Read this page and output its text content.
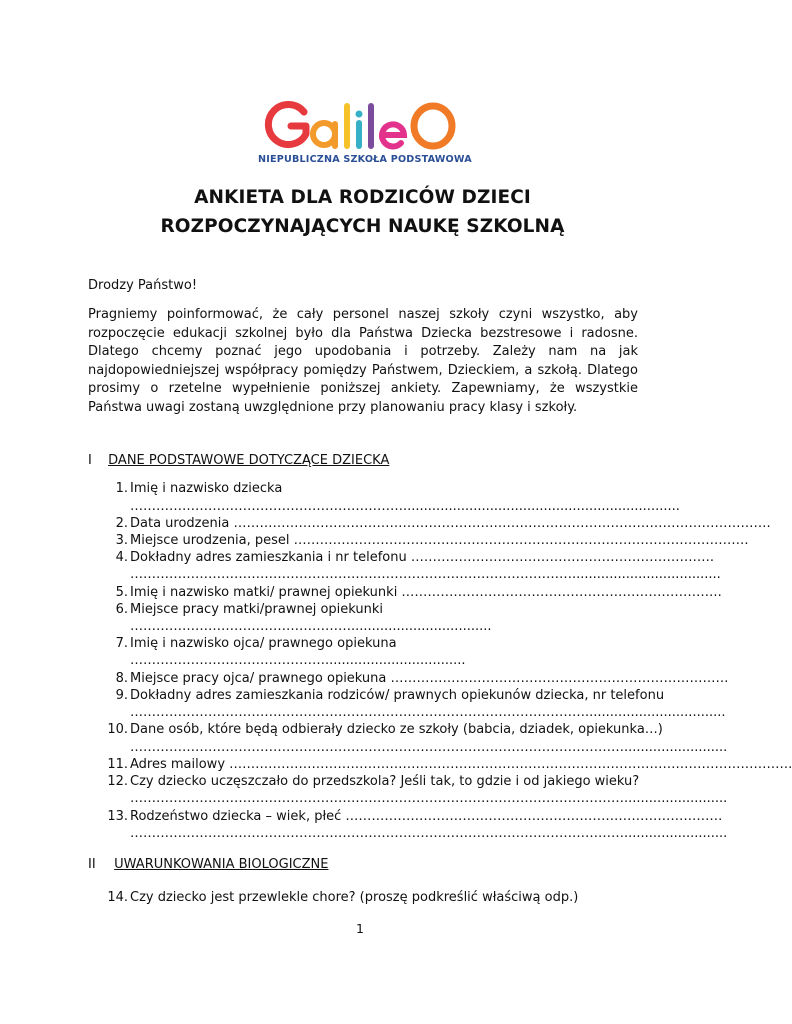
NIEPUBLICZNA SZKOŁA PODSTAWOWA
ANKIETA DLA RODZICÓW DZIECI
ROZPOCZYNAJĄCYCH NAUKĘ SZKOLNĄ
Drodzy Państwo!
Pragniemy poinformować, że cały personel naszej szkoły czyni wszystko, aby rozpoczęcie edukacji szkolnej było dla Państwa Dziecka bezstresowe i radosne. Dlatego chcemy poznać jego upodobania i potrzeby. Zależy nam na jak najdopowiedniejszej współpracy pomiędzy Państwem, Dzieckiem, a szkołą. Dlatego prosimy o rzetelne wypełnienie poniższej ankiety. Zapewniamy, że wszystkie Państwa uwagi zostaną uwzględnione przy planowaniu pracy klasy i szkoły.
I DANE PODSTAWOWE DOTYCZĄCE DZIECKA
1. Imię i nazwisko dziecka
………………………………………………………...................................................................
2. Data urodzenia …………………………………………………………………………………………………………….
3. Miejsce urodzenia, pesel ……………………………………………………………………………………………
4. Dokładny adres zamieszkania i nr telefonu …………………………………………………………….
…………………………………………………………………………………………....................................
5. Imię i nazwisko matki/ prawnej opiekunki ………………………………………………………………..
6. Miejsce pracy matki/prawnej opiekunki
……………………………………………..................................
7. Imię i nazwisko ojca/ prawnego opiekuna
………………………………………..................................
8. Miejsce pracy ojca/ prawnego opiekuna ……………………………………………………………………
9. Dokładny adres zamieszkania rodziców/ prawnych opiekunów dziecka, nr telefonu
……………………………………………………………………………………………..................................
10. Dane osób, które będą odbierały dziecko ze szkoły (babcia, dziadek, opiekunka…)
…………………………………………………………………………………………………….........................
11. Adres mailowy ………………………………………………………………………………………………………………….
12. Czy dziecko uczęszczało do przedszkola? Jeśli tak, to gdzie i od jakiego wieku?
…………………………………………………………………………………………………….........................
13. Rodzeństwo dziecka – wiek, płeć ……………………………………………………………………………
…………………………………………………………………………………………………….........................
II UWARUNKOWANIA BIOLOGICZNE
14. Czy dziecko jest przewlekle chore? (proszę podkreślić właściwą odp.)
1
